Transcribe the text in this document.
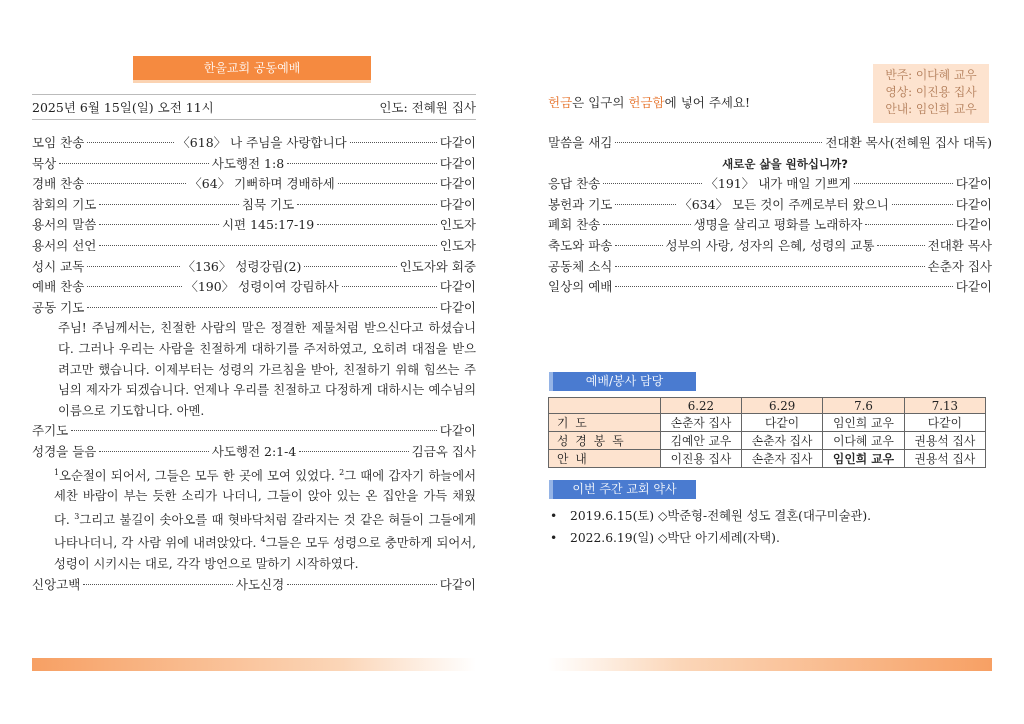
한울교회 공동예배
2025년 6월 15일(일) 오전 11시	인도: 전혜원 집사
모임 찬송	〈618〉 나 주님을 사랑합니다	다같이
묵상	사도행전 1:8	다같이
경배 찬송	〈64〉 기뻐하며 경배하세	다같이
참회의 기도	침묵 기도	다같이
용서의 말씀	시편 145:17-19	인도자
용서의 선언	인도자
성시 교독	〈136〉 성령강림(2)	인도자와 회중
예배 찬송	〈190〉 성령이여 강림하사	다같이
공동 기도	다같이
주님! 주님께서는, 친절한 사람의 말은 정결한 제물처럼 받으신다고 하셨습니다. 그러나 우리는 사람을 친절하게 대하기를 주저하였고, 오히려 대접을 받으려고만 했습니다. 이제부터는 성령의 가르침을 받아, 친절하기 위해 힘쓰는 주님의 제자가 되겠습니다. 언제나 우리를 친절하고 다정하게 대하시는 예수님의 이름으로 기도합니다. 아멘.
주기도	다같이
성경을 들음	사도행전 2:1-4	김금옥 집사
$^1$오순절이 되어서, 그들은 모두 한 곳에 모여 있었다. $^2$그 때에 갑자기 하늘에서 세찬 바람이 부는 듯한 소리가 나더니, 그들이 앉아 있는 온 집안을 가득 채웠다. $^3$그리고 불길이 솟아오를 때 혓바닥처럼 갈라지는 것 같은 혀들이 그들에게 나타나더니, 각 사람 위에 내려앉았다. $^4$그들은 모두 성령으로 충만하게 되어서, 성령이 시키시는 대로, 각각 방언으로 말하기 시작하였다.
신앙고백	사도신경	다같이
헌금은 입구의 헌금함에 넣어 주세요!
반주: 이다혜 교우
영상: 이진용 집사
안내: 임인희 교우
말씀을 새김	전대환 목사(전혜원 집사 대독)
새로운 삶을 원하십니까?
응답 찬송	〈191〉 내가 매일 기쁘게	다같이
봉헌과 기도	〈634〉 모든 것이 주께로부터 왔으니	다같이
폐회 찬송	생명을 살리고 평화를 노래하자	다같이
축도와 파송	성부의 사랑, 성자의 은혜, 성령의 교통	전대환 목사
공동체 소식	손춘자 집사
일상의 예배	다같이
예배/봉사 담당
	6.22	6.29	7.6	7.13
기도	손춘자 집사	다같이	임인희 교우	다같이
성경봉독	김예안 교우	손춘자 집사	이다혜 교우	권용석 집사
안내	이진용 집사	손춘자 집사	임인희 교우	권용석 집사
이번 주간 교회 약사
• 2019.6.15(토) ◇박준형-전혜원 성도 결혼(대구미술관).
• 2022.6.19(일) ◇박단 아기세례(자택).
